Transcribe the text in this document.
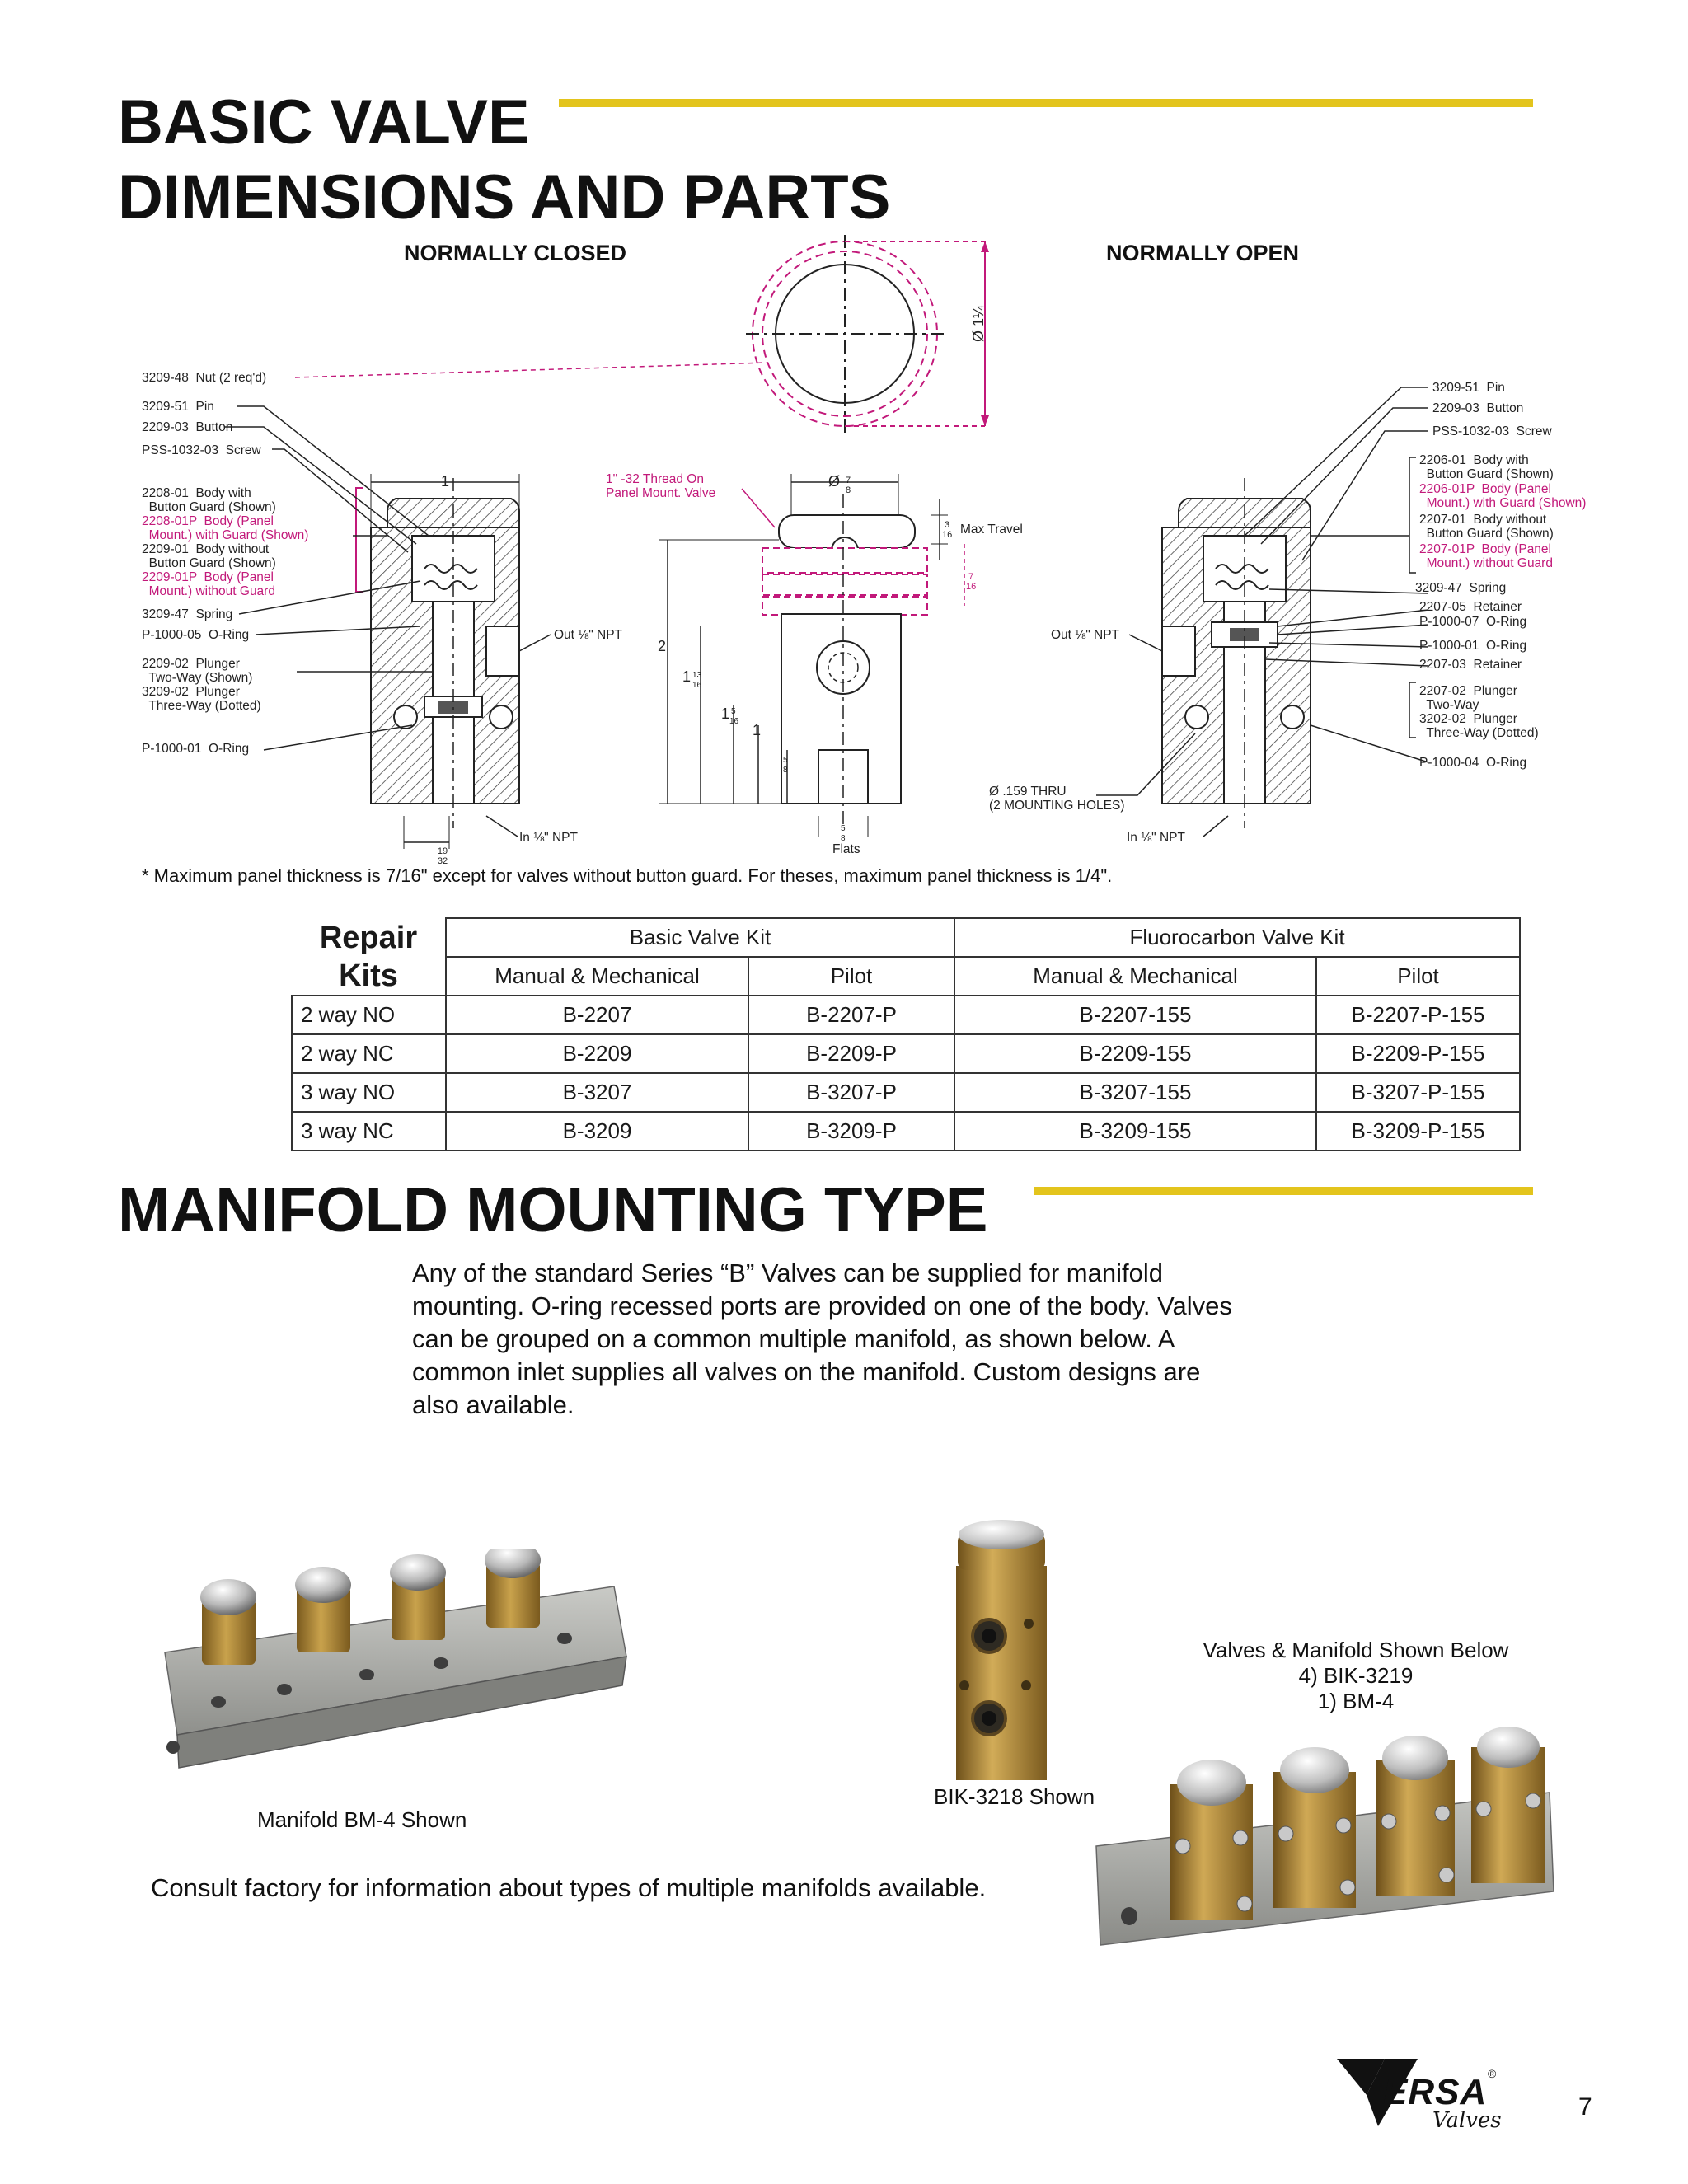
BASIC VALVE
DIMENSIONS AND PARTS
NORMALLY CLOSED	NORMALLY OPEN
Ø 1¼
1
19
32
Ø 7
8
3
16
7
16
2
1 13
16
1 5
16
1
5
8
5
8
3209-48  Nut (2 req'd)
3209-51  Pin
2209-03  Button
PSS-1032-03  Screw
2208-01  Body with
Button Guard (Shown)
2208-01P  Body (Panel
Mount.) with Guard (Shown)
2209-01  Body without
Button Guard (Shown)
2209-01P  Body (Panel
Mount.) without Guard
3209-47  Spring
P-1000-05  O-Ring
2209-02  Plunger
Two-Way (Shown)
3209-02  Plunger
Three-Way (Dotted)
P-1000-01  O-Ring
Out ⅛" NPT
In ⅛" NPT
1" -32 Thread On
Panel Mount. Valve
Max Travel
Flats
Ø .159 THRU
(2 MOUNTING HOLES)
3209-51  Pin
2209-03  Button
PSS-1032-03  Screw
2206-01  Body with
Button Guard (Shown)
2206-01P  Body (Panel
Mount.) with Guard (Shown)
2207-01  Body without
Button Guard (Shown)
2207-01P  Body (Panel
Mount.) without Guard
3209-47  Spring
2207-05  Retainer
P-1000-07  O-Ring
P-1000-01  O-Ring
2207-03  Retainer
2207-02  Plunger
Two-Way
3202-02  Plunger
Three-Way (Dotted)
P-1000-04  O-Ring
Out ⅛" NPT
In ⅛" NPT
* Maximum panel thickness is 7/16" except for valves without button guard. For theses, maximum panel thickness is 1/4".
Repair
Kits	Basic Valve Kit		Fluorocarbon Valve Kit	
	Manual & Mechanical	Pilot	Manual & Mechanical	Pilot
2 way NO	B-2207	B-2207-P	B-2207-155	B-2207-P-155
2 way NC	B-2209	B-2209-P	B-2209-155	B-2209-P-155
3 way NO	B-3207	B-3207-P	B-3207-155	B-3207-P-155
3 way NC	B-3209	B-3209-P	B-3209-155	B-3209-P-155
MANIFOLD MOUNTING TYPE
Any of the standard Series “B” Valves can be supplied for manifold mounting. O-ring recessed ports are provided on one of the body. Valves can be grouped on a common multiple manifold, as shown below. A common inlet supplies all valves on the manifold. Custom designs are also available.
Manifold BM-4 Shown
BIK-3218 Shown
Valves & Manifold Shown Below
4) BIK-3219
1) BM-4
Consult factory for information about types of multiple manifolds available.
ERSA ®
Valves	7
